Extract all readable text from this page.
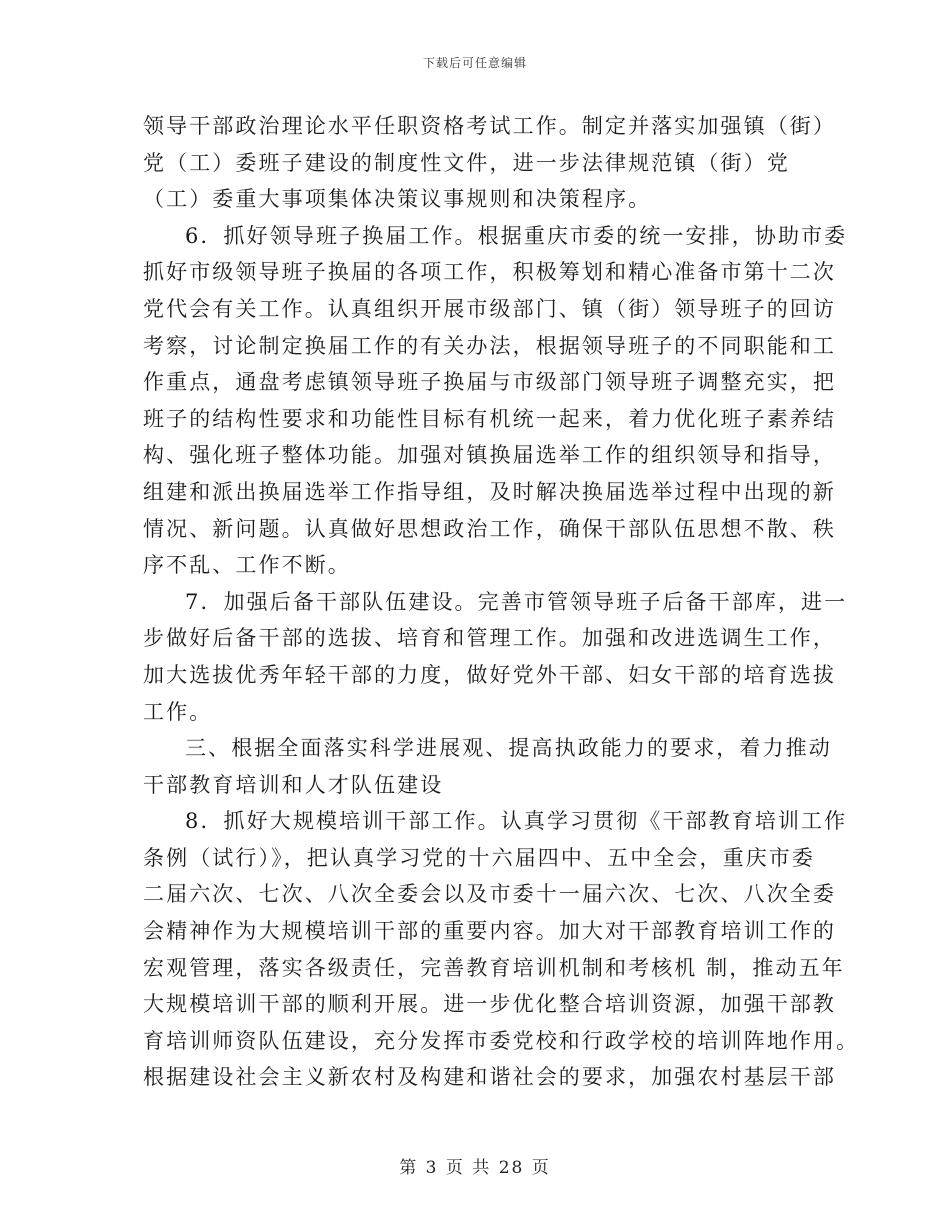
下载后可任意编辑
领导干部政治理论水平任职资格考试工作。制定并落实加强镇（街）
党（工）委班子建设的制度性文件，进一步法律规范镇（街）党
（工）委重大事项集体决策议事规则和决策程序。
6．抓好领导班子换届工作。根据重庆市委的统一安排，协助市委
抓好市级领导班子换届的各项工作，积极筹划和精心准备市第十二次
党代会有关工作。认真组织开展市级部门、镇（街）领导班子的回访
考察，讨论制定换届工作的有关办法，根据领导班子的不同职能和工
作重点，通盘考虑镇领导班子换届与市级部门领导班子调整充实，把
班子的结构性要求和功能性目标有机统一起来，着力优化班子素养结
构、强化班子整体功能。加强对镇换届选举工作的组织领导和指导，
组建和派出换届选举工作指导组，及时解决换届选举过程中出现的新
情况、新问题。认真做好思想政治工作，确保干部队伍思想不散、秩
序不乱、工作不断。
7．加强后备干部队伍建设。完善市管领导班子后备干部库，进一
步做好后备干部的选拔、培育和管理工作。加强和改进选调生工作，
加大选拔优秀年轻干部的力度，做好党外干部、妇女干部的培育选拔
工作。
三、根据全面落实科学进展观、提高执政能力的要求，着力推动
干部教育培训和人才队伍建设
8．抓好大规模培训干部工作。认真学习贯彻《干部教育培训工作
条例（试行）》，把认真学习党的十六届四中、五中全会，重庆市委
二届六次、七次、八次全委会以及市委十一届六次、七次、八次全委
会精神作为大规模培训干部的重要内容。加大对干部教育培训工作的
宏观管理，落实各级责任，完善教育培训机制和考核机 制，推动五年
大规模培训干部的顺利开展。进一步优化整合培训资源，加强干部教
育培训师资队伍建设，充分发挥市委党校和行政学校的培训阵地作用。
根据建设社会主义新农村及构建和谐社会的要求，加强农村基层干部
第 3 页 共 28 页
